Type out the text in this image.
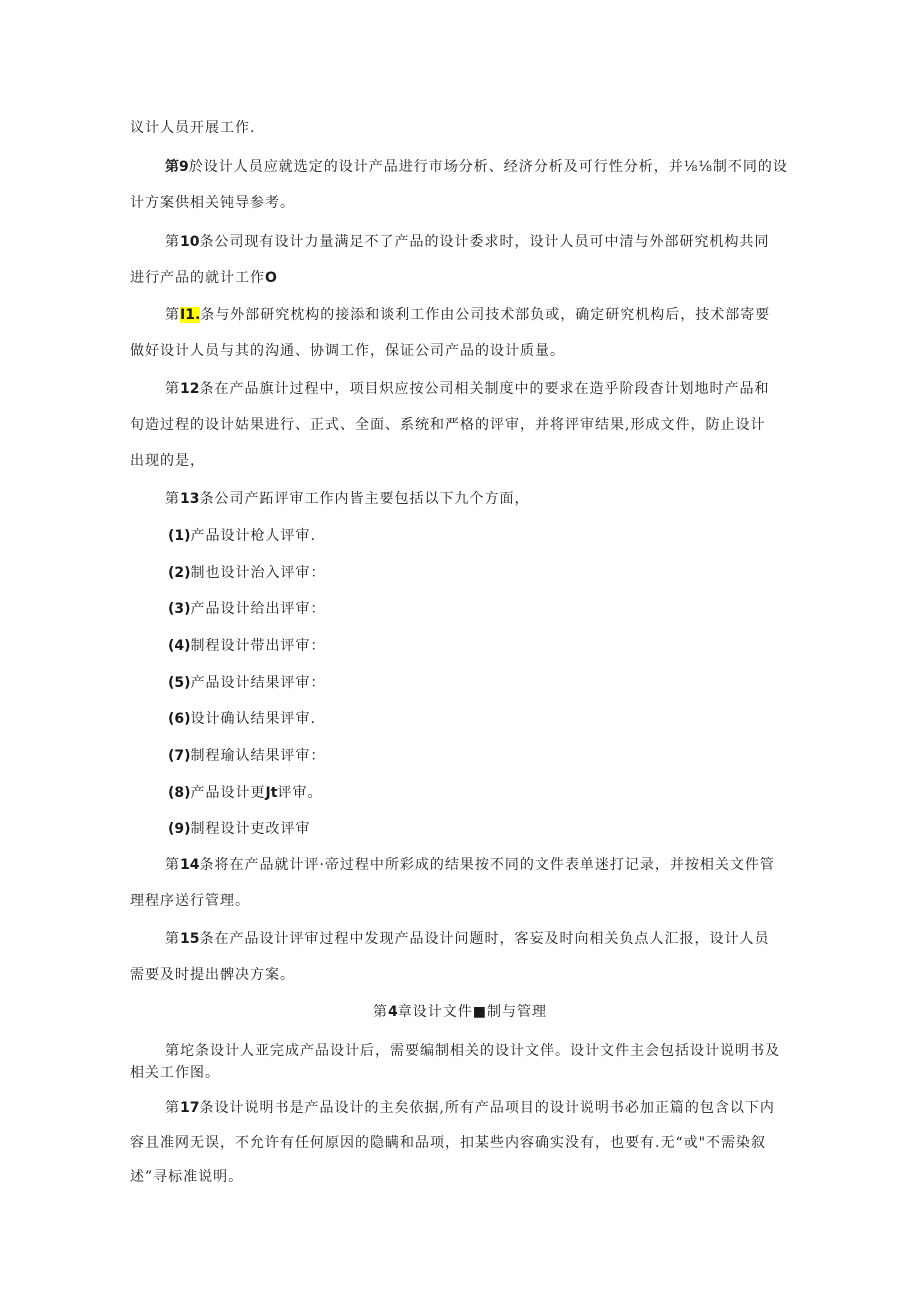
议计人员开展工作.
第9於设计人员应就选定的设计产品进行市场分析、经济分析及可行性分析，并⅛⅛制不同的设
计方案供相关钝导参考。
第10条公司现有设计力量满足不了产品的设计委求时，设计人员可中清与外部研究机构共同
进行产品的就计工作O
第I1.条与外部研究枕构的接添和谈利工作由公司技术部负或，确定研究机构后，技术部寄要
做好设计人员与其的沟通、协调工作，保证公司产品的设计质量。
第12条在产品旗计过程中，项目炽应按公司相关制度中的要求在造乎阶段杳计划地时产品和
旬造过程的设计姑果进行、正式、全面、系统和严格的评审，并将评审结果,形成文件，防止设计
出现的是，
第13条公司产跖评审工作内皆主要包括以下九个方面，
(1)产品设计枪人评审.
(2)制也设计治入评审：
(3)产品设计给出评审：
(4)制程设计带出评审：
(5)产品设计结果评审：
(6)设计确认结果评审.
(7)制程瑜认结果评审：
(8)产品设计更Jt评审。
(9)制程设计吏改评审
第14条将在产品就计评·帝过程中所彩成的结果按不同的文件表单迷打记录，并按相关文件管
理程序送行管理。
第15条在产品设计评审过程中发现产品设计问题时，客妄及时向相关负点人汇报，设计人员
需要及时提出髀决方案。
第4章设计文件■制与管理
第坨条设计人亚完成产品设计后，需要编制相关的设计文伴。设计文件主会包括设计说明书及
相关工作图。
第17条设计说明书是产品设计的主矣依据,所有产品项目的设计说明书必加正篇的包含以下内
容且准网无误，不允许有任何原因的隐瞒和品项，扣某些内容确实没有，也要有.无“戓"不需染叙
述”寻标准说明。
